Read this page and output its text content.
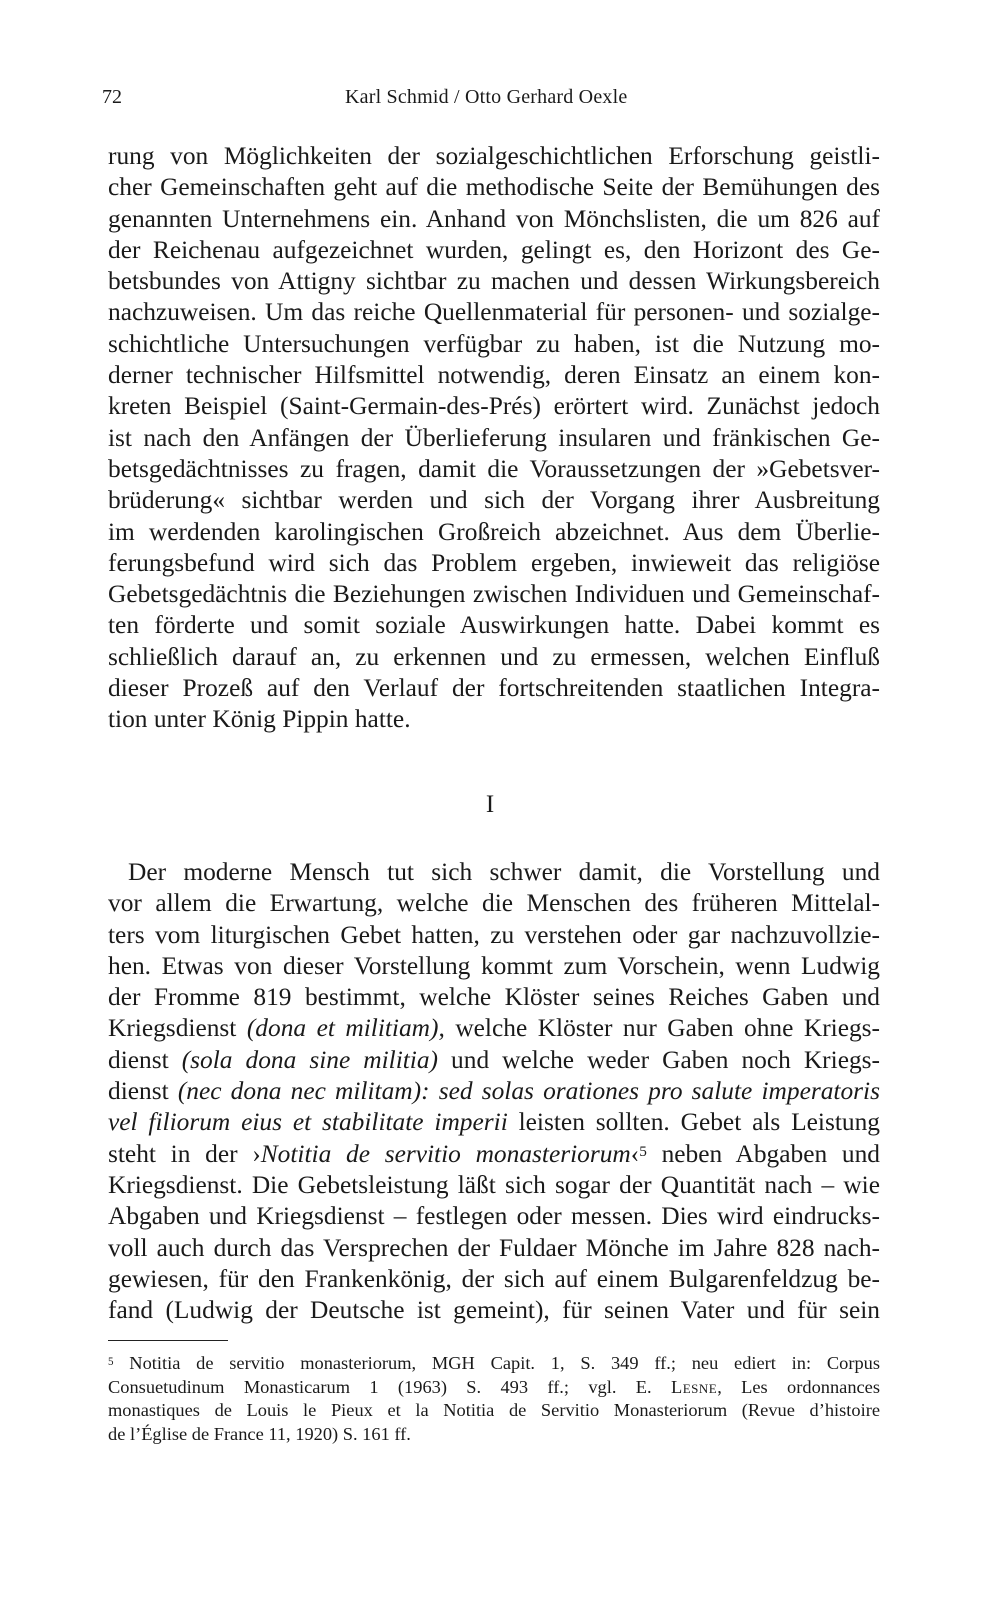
72	Karl Schmid / Otto Gerhard Oexle
rung von Möglichkeiten der sozialgeschichtlichen Erforschung geistli-
cher Gemeinschaften geht auf die methodische Seite der Bemühungen des
genannten Unternehmens ein. Anhand von Mönchslisten, die um 826 auf
der Reichenau aufgezeichnet wurden, gelingt es, den Horizont des Ge-
betsbundes von Attigny sichtbar zu machen und dessen Wirkungsbereich
nachzuweisen. Um das reiche Quellenmaterial für personen- und sozialge-
schichtliche Untersuchungen verfügbar zu haben, ist die Nutzung mo-
derner technischer Hilfsmittel notwendig, deren Einsatz an einem kon-
kreten Beispiel (Saint-Germain-des-Prés) erörtert wird. Zunächst jedoch
ist nach den Anfängen der Überlieferung insularen und fränkischen Ge-
betsgedächtnisses zu fragen, damit die Voraussetzungen der »Gebetsver-
brüderung« sichtbar werden und sich der Vorgang ihrer Ausbreitung
im werdenden karolingischen Großreich abzeichnet. Aus dem Überlie-
ferungsbefund wird sich das Problem ergeben, inwieweit das religiöse
Gebetsgedächtnis die Beziehungen zwischen Individuen und Gemeinschaf-
ten förderte und somit soziale Auswirkungen hatte. Dabei kommt es
schließlich darauf an, zu erkennen und zu ermessen, welchen Einfluß
dieser Prozeß auf den Verlauf der fortschreitenden staatlichen Integra-
tion unter König Pippin hatte.
I
Der moderne Mensch tut sich schwer damit, die Vorstellung und
vor allem die Erwartung, welche die Menschen des früheren Mittelal-
ters vom liturgischen Gebet hatten, zu verstehen oder gar nachzuvollzie-
hen. Etwas von dieser Vorstellung kommt zum Vorschein, wenn Ludwig
der Fromme 819 bestimmt, welche Klöster seines Reiches Gaben und
Kriegsdienst (dona et militiam), welche Klöster nur Gaben ohne Kriegs-
dienst (sola dona sine militia) und welche weder Gaben noch Kriegs-
dienst (nec dona nec militam): sed solas orationes pro salute imperatoris
vel filiorum eius et stabilitate imperii leisten sollten. Gebet als Leistung
steht in der ›Notitia de servitio monasteriorum‹$^5$ neben Abgaben und
Kriegsdienst. Die Gebetsleistung läßt sich sogar der Quantität nach – wie
Abgaben und Kriegsdienst – festlegen oder messen. Dies wird eindrucks-
voll auch durch das Versprechen der Fuldaer Mönche im Jahre 828 nach-
gewiesen, für den Frankenkönig, der sich auf einem Bulgarenfeldzug be-
fand (Ludwig der Deutsche ist gemeint), für seinen Vater und für sein
$^5$ Notitia de servitio monasteriorum, MGH Capit. 1, S. 349 ff.; neu ediert in: Corpus
Consuetudinum Monasticarum 1 (1963) S. 493 ff.; vgl. E. Lesne, Les ordonnances
monastiques de Louis le Pieux et la Notitia de Servitio Monasteriorum (Revue d’histoire
de l’Église de France 11, 1920) S. 161 ff.
